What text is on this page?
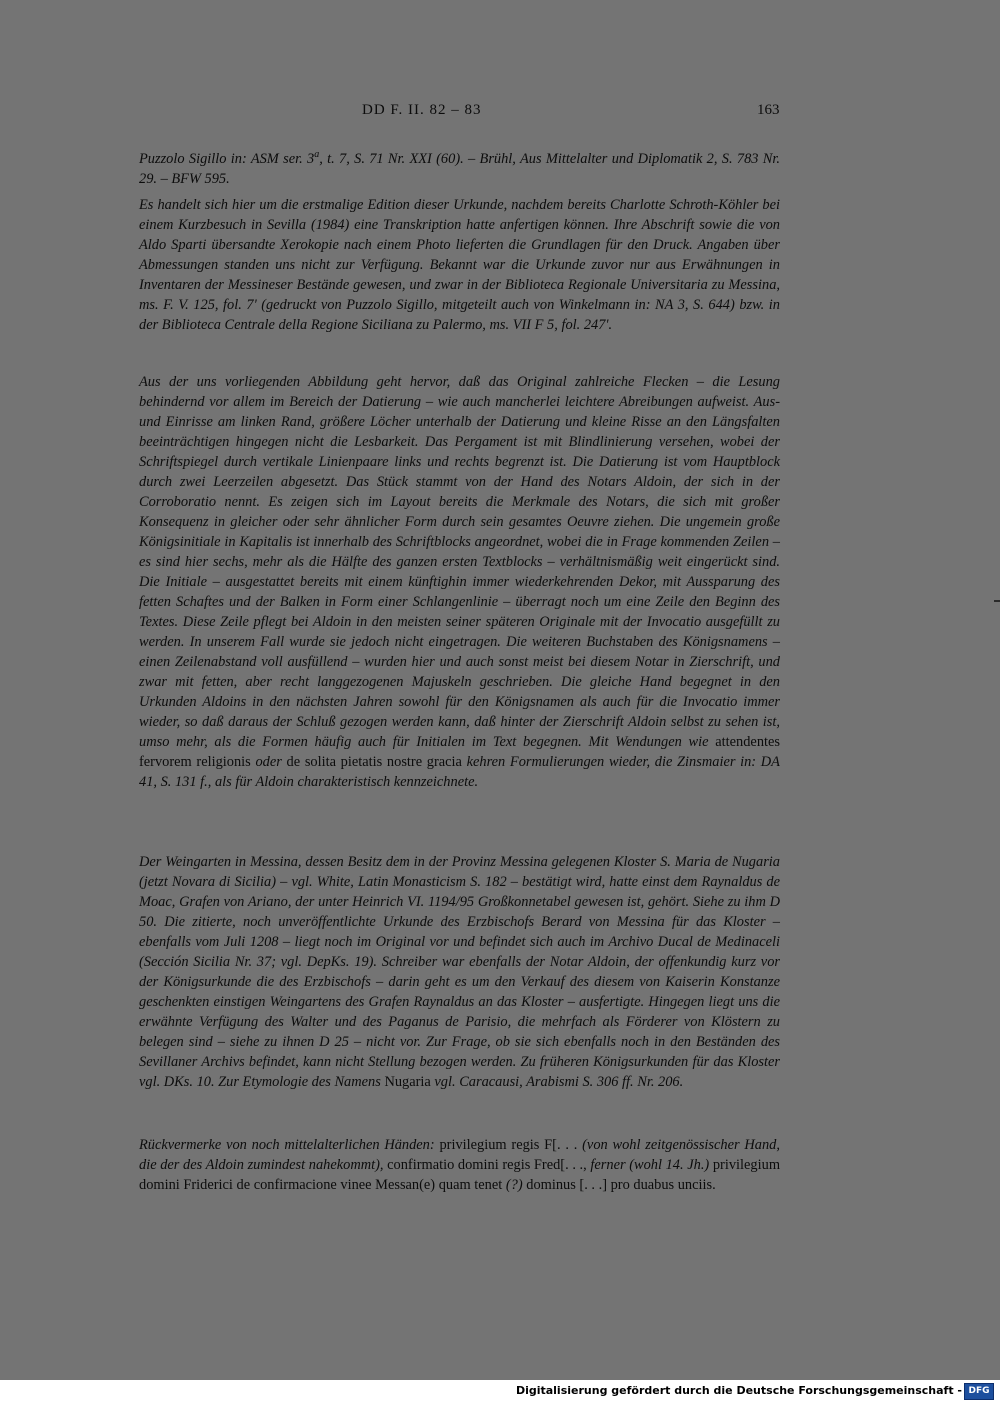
DD F. II. 82 – 83	163

Puzzolo Sigillo in: ASM ser. 3$^a$, t. 7, S. 71 Nr. XXI (60). – Brühl, Aus Mittelalter und Diplomatik 2, S. 783 Nr. 29. – BFW 595.

Es handelt sich hier um die erstmalige Edition dieser Urkunde, nachdem bereits Charlotte Schroth-Köhler bei einem Kurzbesuch in Sevilla (1984) eine Transkription hatte anfertigen können. Ihre Abschrift sowie die von Aldo Sparti übersandte Xerokopie nach einem Photo lieferten die Grundlagen für den Druck. Angaben über Abmessungen standen uns nicht zur Verfügung. Bekannt war die Urkunde zuvor nur aus Erwähnungen in Inventaren der Messineser Bestände gewesen, und zwar in der Biblioteca Regionale Universitaria zu Messina, ms. F. V. 125, fol. 7' (gedruckt von Puzzolo Sigillo, mitgeteilt auch von Winkelmann in: NA 3, S. 644) bzw. in der Biblioteca Centrale della Regione Siciliana zu Palermo, ms. VII F 5, fol. 247'.

Aus der uns vorliegenden Abbildung geht hervor, daß das Original zahlreiche Flecken – die Lesung behindernd vor allem im Bereich der Datierung – wie auch mancherlei leichtere Abreibungen aufweist. Aus- und Einrisse am linken Rand, größere Löcher unterhalb der Datierung und kleine Risse an den Längsfalten beeinträchtigen hingegen nicht die Lesbarkeit. Das Pergament ist mit Blindlinierung versehen, wobei der Schriftspiegel durch vertikale Linienpaare links und rechts begrenzt ist. Die Datierung ist vom Hauptblock durch zwei Leerzeilen abgesetzt. Das Stück stammt von der Hand des Notars Aldoin, der sich in der Corroboratio nennt. Es zeigen sich im Layout bereits die Merkmale des Notars, die sich mit großer Konsequenz in gleicher oder sehr ähnlicher Form durch sein gesamtes Oeuvre ziehen. Die ungemein große Königsinitiale in Kapitalis ist innerhalb des Schriftblocks angeordnet, wobei die in Frage kommenden Zeilen – es sind hier sechs, mehr als die Hälfte des ganzen ersten Textblocks – verhältnismäßig weit eingerückt sind. Die Initiale – ausgestattet bereits mit einem künftighin immer wiederkehrenden Dekor, mit Aussparung des fetten Schaftes und der Balken in Form einer Schlangenlinie – überragt noch um eine Zeile den Beginn des Textes. Diese Zeile pflegt bei Aldoin in den meisten seiner späteren Originale mit der Invocatio ausgefüllt zu werden. In unserem Fall wurde sie jedoch nicht eingetragen. Die weiteren Buchstaben des Königsnamens – einen Zeilenabstand voll ausfüllend – wurden hier und auch sonst meist bei diesem Notar in Zierschrift, und zwar mit fetten, aber recht langgezogenen Majuskeln geschrieben. Die gleiche Hand begegnet in den Urkunden Aldoins in den nächsten Jahren sowohl für den Königsnamen als auch für die Invocatio immer wieder, so daß daraus der Schluß gezogen werden kann, daß hinter der Zierschrift Aldoin selbst zu sehen ist, umso mehr, als die Formen häufig auch für Initialen im Text begegnen. Mit Wendungen wie attendentes fervorem religionis oder de solita pietatis nostre gracia kehren Formulierungen wieder, die Zinsmaier in: DA 41, S. 131 f., als für Aldoin charakteristisch kennzeichnete.

Der Weingarten in Messina, dessen Besitz dem in der Provinz Messina gelegenen Kloster S. Maria de Nugaria (jetzt Novara di Sicilia) – vgl. White, Latin Monasticism S. 182 – bestätigt wird, hatte einst dem Raynaldus de Moac, Grafen von Ariano, der unter Heinrich VI. 1194/95 Großkonnetabel gewesen ist, gehört. Siehe zu ihm D 50. Die zitierte, noch unveröffentlichte Urkunde des Erzbischofs Berard von Messina für das Kloster – ebenfalls vom Juli 1208 – liegt noch im Original vor und befindet sich auch im Archivo Ducal de Medinaceli (Sección Sicilia Nr. 37; vgl. DepKs. 19). Schreiber war ebenfalls der Notar Aldoin, der offenkundig kurz vor der Königsurkunde die des Erzbischofs – darin geht es um den Verkauf des diesem von Kaiserin Konstanze geschenkten einstigen Weingartens des Grafen Raynaldus an das Kloster – ausfertigte. Hingegen liegt uns die erwähnte Verfügung des Walter und des Paganus de Parisio, die mehrfach als Förderer von Klöstern zu belegen sind – siehe zu ihnen D 25 – nicht vor. Zur Frage, ob sie sich ebenfalls noch in den Beständen des Sevillaner Archivs befindet, kann nicht Stellung bezogen werden. Zu früheren Königsurkunden für das Kloster vgl. DKs. 10. Zur Etymologie des Namens Nugaria vgl. Caracausi, Arabismi S. 306 ff. Nr. 206.

Rückvermerke von noch mittelalterlichen Händen: privilegium regis F[. . . (von wohl zeitgenössischer Hand, die der des Aldoin zumindest nahekommt), confirmatio domini regis Fred[. . ., ferner (wohl 14. Jh.) privilegium domini Friderici de confirmacione vinee Messan(e) quam tenet (?) dominus [. . .] pro duabus unciis.

Digitalisierung gefördert durch die Deutsche Forschungsgemeinschaft - DFG
